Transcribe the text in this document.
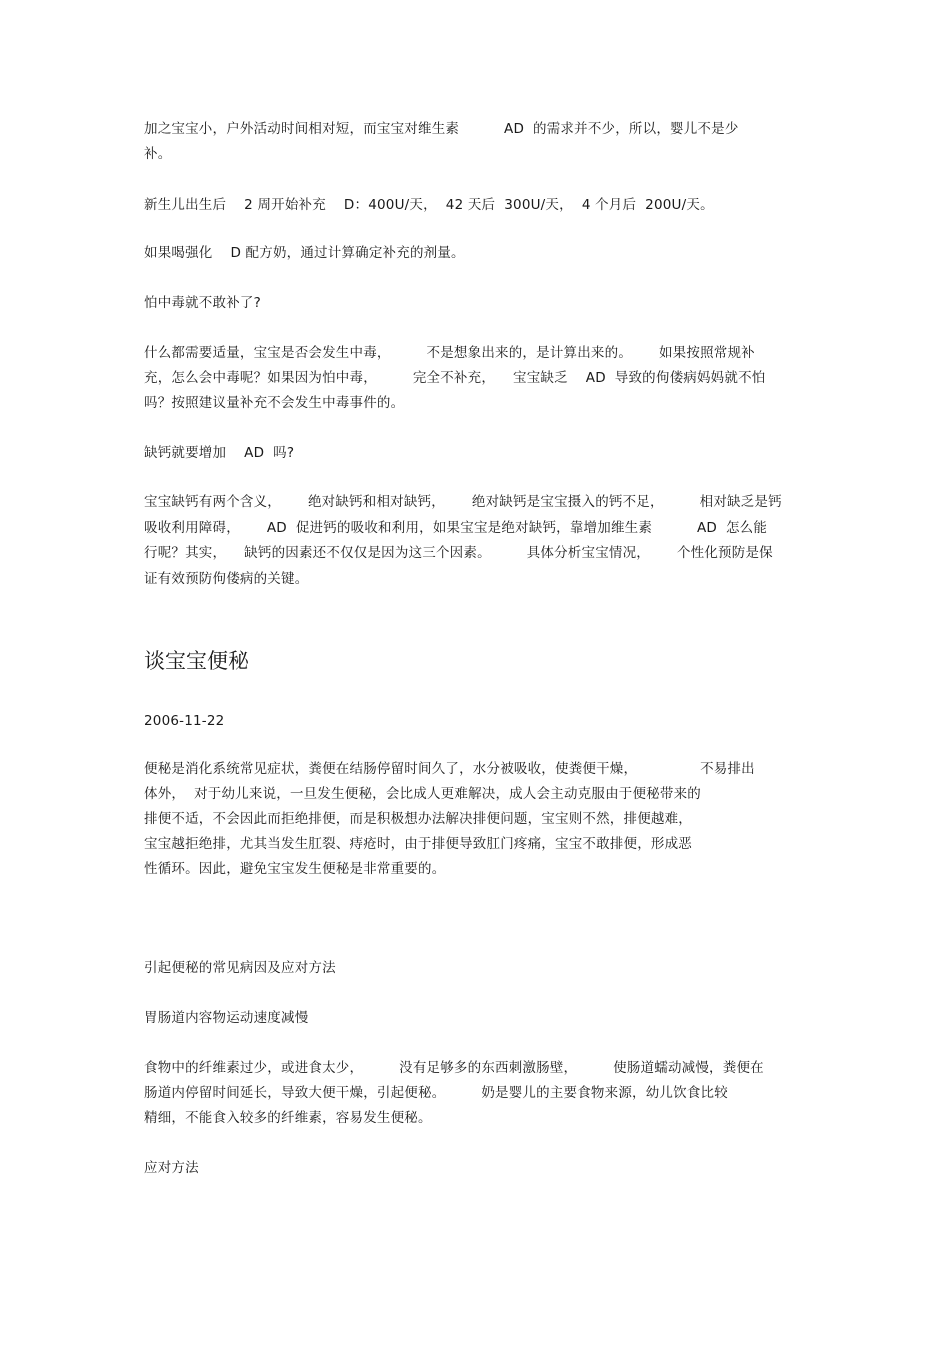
加之宝宝小，户外活动时间相对短，而宝宝对维生素          AD  的需求并不少，所以，婴儿不是少

补。

新生儿出生后    2 周开始补充    D：400U/天，  42 天后  300U/天，  4 个月后  200U/天。

如果喝强化    D 配方奶，通过计算确定补充的剂量。

怕中毒就不敢补了?

什么都需要适量，宝宝是否会发生中毒，        不是想象出来的，是计算出来的。      如果按照常规补

充，怎么会中毒呢？如果因为怕中毒，        完全不补充，    宝宝缺乏    AD  导致的佝偻病妈妈就不怕

吗？按照建议量补充不会发生中毒事件的。

缺钙就要增加    AD  吗?

宝宝缺钙有两个含义，      绝对缺钙和相对缺钙，      绝对缺钙是宝宝摄入的钙不足，        相对缺乏是钙

吸收利用障碍，      AD  促进钙的吸收和利用，如果宝宝是绝对缺钙，靠增加维生素          AD  怎么能

行呢？其实，    缺钙的因素还不仅仅是因为这三个因素。        具体分析宝宝情况，      个性化预防是保

证有效预防佝偻病的关键。

谈宝宝便秘

2006-11-22

便秘是消化系统常见症状，粪便在结肠停留时间久了，水分被吸收，使粪便干燥，              不易排出

体外，  对于幼儿来说，一旦发生便秘，会比成人更难解决，成人会主动克服由于便秘带来的

排便不适，不会因此而拒绝排便，而是积极想办法解决排便问题，宝宝则不然，排便越难，

宝宝越拒绝排，尤其当发生肛裂、痔疮时，由于排便导致肛门疼痛，宝宝不敢排便，形成恶

性循环。因此，避免宝宝发生便秘是非常重要的。

引起便秘的常见病因及应对方法

胃肠道内容物运动速度减慢

食物中的纤维素过少，或进食太少，        没有足够多的东西刺激肠壁，        使肠道蠕动减慢，粪便在

肠道内停留时间延长，导致大便干燥，引起便秘。        奶是婴儿的主要食物来源，幼儿饮食比较

精细，不能食入较多的纤维素，容易发生便秘。

应对方法
